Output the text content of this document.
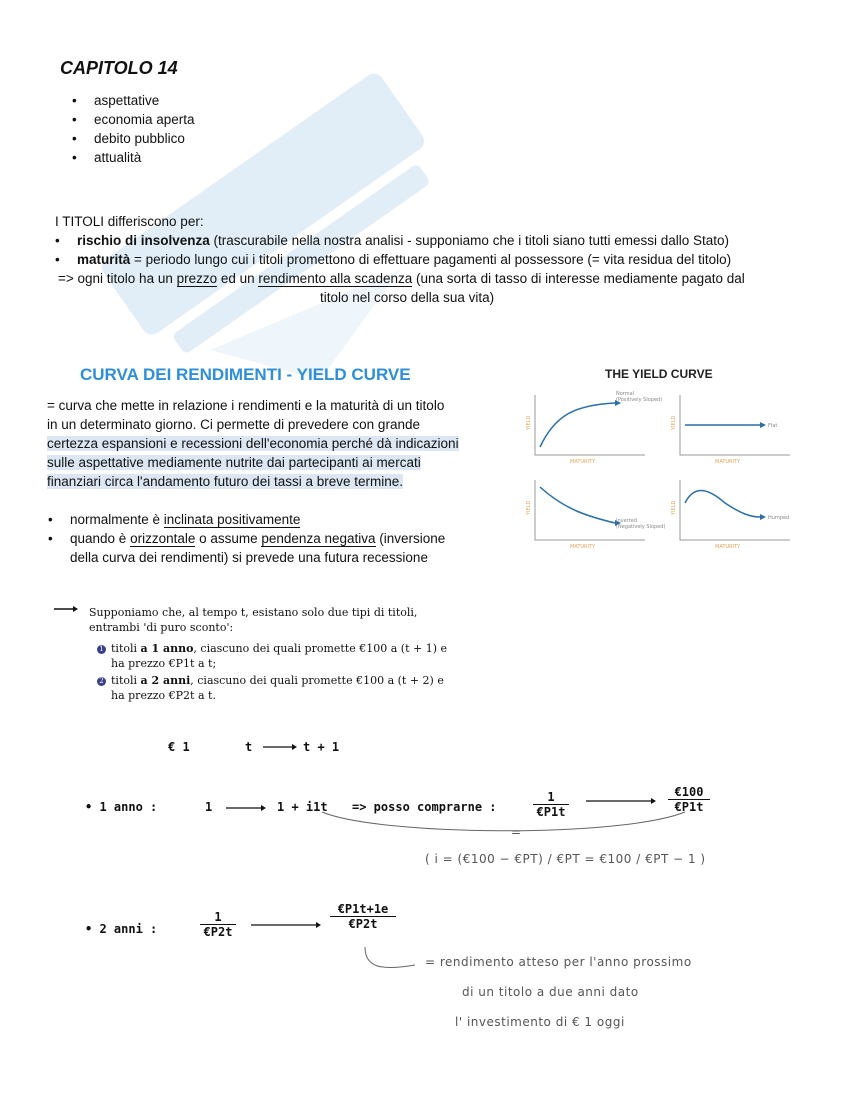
CAPITOLO 14
• aspettative
• economia aperta
• debito pubblico
• attualità
I TITOLI differiscono per:
• rischio di insolvenza (trascurabile nella nostra analisi - supponiamo che i titoli siano tutti emessi dallo Stato)
• maturità = periodo lungo cui i titoli promettono di effettuare pagamenti al possessore (= vita residua del titolo)
=> ogni titolo ha un prezzo ed un rendimento alla scadenza (una sorta di tasso di interesse mediamente pagato dal
titolo nel corso della sua vita)
CURVA DEI RENDIMENTI - YIELD CURVE
= curva che mette in relazione i rendimenti e la maturità di un titolo
in un determinato giorno. Ci permette di prevedere con grande
certezza espansioni e recessioni dell'economia perché dà indicazioni
sulle aspettative mediamente nutrite dai partecipanti ai mercati
finanziari circa l'andamento futuro dei tassi a breve termine.
• normalmente è inclinata positivamente
• quando è orizzontale o assume pendenza negativa (inversione
della curva dei rendimenti) si prevede una futura recessione
THE YIELD CURVE
YIELD	YIELD
YIELD	YIELD
MATURITY	MATURITY
MATURITY	MATURITY
Normal
(Positively Sloped)
Flat
Inverted
(Negatively Sloped)
Humped
Supponiamo che, al tempo t, esistano solo due tipi di titoli,
entrambi 'di puro sconto':
1 titoli a 1 anno, ciascuno dei quali promette €100 a (t + 1) e
ha prezzo €P1t a t;
2 titoli a 2 anni, ciascuno dei quali promette €100 a (t + 2) e
ha prezzo €P2t a t.
€ 1	t	t + 1
• 1 anno :	1	1 + i1t => posso comprarne :
1
€P1t
€100
€P1t
=
( i = (€100 − €PT) / €PT = €100 / €PT − 1 )
• 2 anni :
1
€P2t
€P1t+1e
€P2t
= rendimento atteso per l'anno prossimo
di un titolo a due anni dato
l' investimento di € 1 oggi
